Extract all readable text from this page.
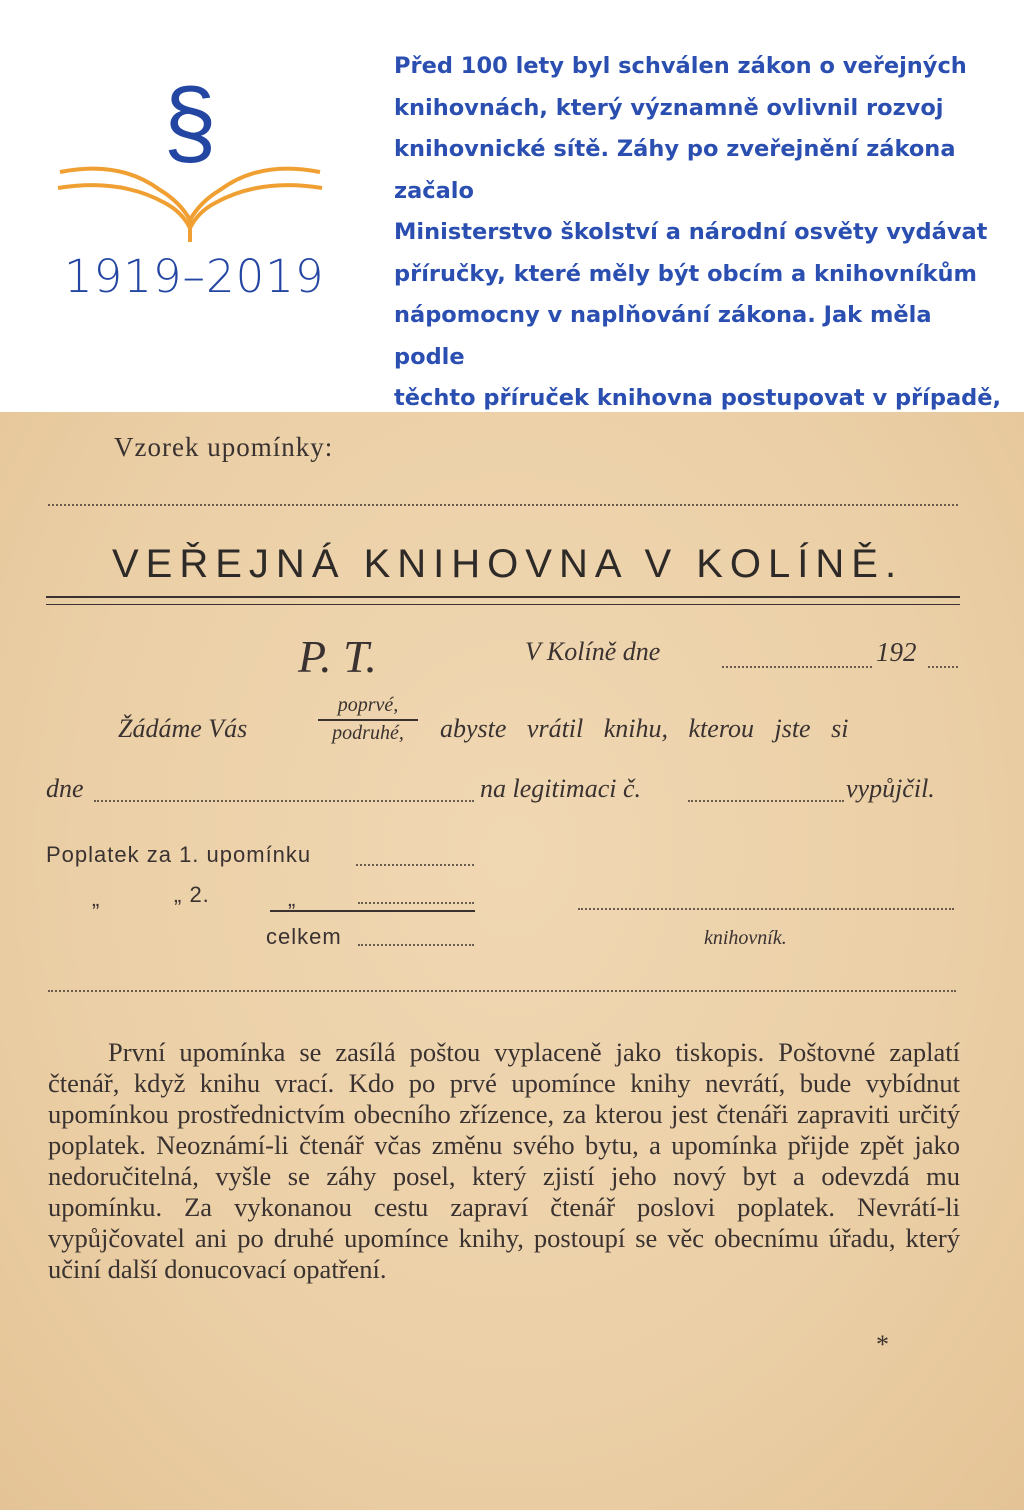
§
1919–2019
Před 100 lety byl schválen zákon o veřejných
knihovnách, který významně ovlivnil rozvoj
knihovnické sítě. Záhy po zveřejnění zákona začalo
Ministerstvo školství a národní osvěty vydávat
příručky, které měly být obcím a knihovníkům
nápomocny v naplňování zákona. Jak měla podle
těchto příruček knihovna postupovat v případě,
Vzorek upomínky:
VEŘEJNÁ KNIHOVNA V KOLÍNĚ.
P. T.	V Kolíně dne	192
Žádáme Vás
poprvé,
podruhé,	abyste vrátil knihu, kterou jste si
dne	na legitimaci č.	vypůjčil.
Poplatek za 1. upomínku
„	„ 2.	„
celkem	knihovník.

První upomínka se zasílá poštou vyplaceně jako tiskopis. Poštovné zaplatí čtenář, když knihu vrací. Kdo po prvé upomínce knihy nevrátí, bude vybídnut upomínkou prostřednictvím obecního zřízence, za kterou jest čtenáři zapraviti určitý poplatek. Neoznámí-li čtenář včas změnu svého bytu, a upomínka přijde zpět jako nedoručitelná, vyšle se záhy posel, který zjistí jeho nový byt a odevzdá mu upomínku. Za vykonanou cestu zapraví čtenář poslovi poplatek. Nevrátí-li vypůjčovatel ani po druhé upomínce knihy, postoupí se věc obecnímu úřadu, který učiní další donucovací opatření.

*
